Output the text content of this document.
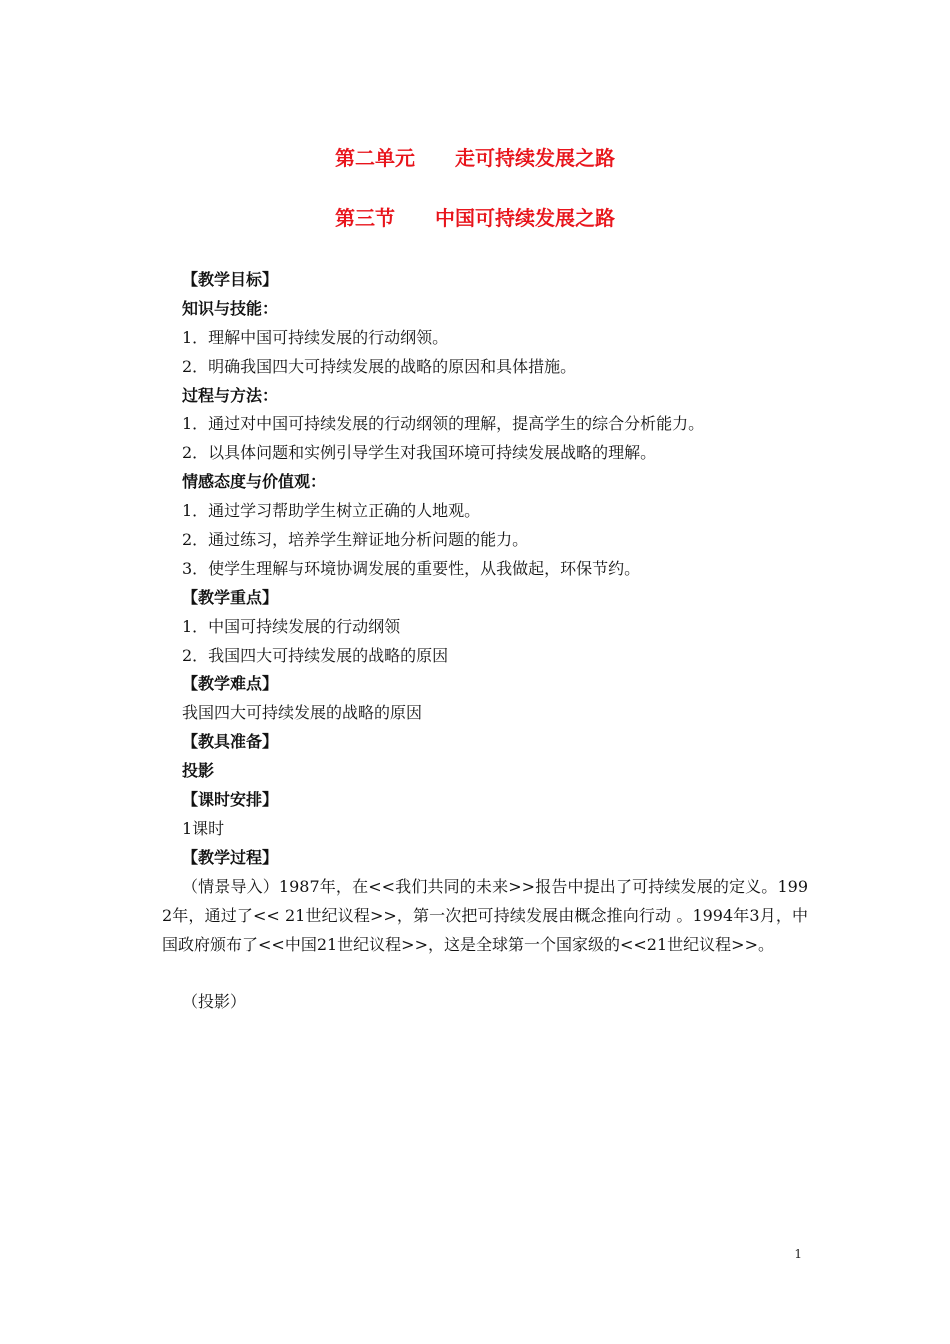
第二单元　　走可持续发展之路
第三节　　中国可持续发展之路

【教学目标】

知识与技能：

1．理解中国可持续发展的行动纲领。

2．明确我国四大可持续发展的战略的原因和具体措施。

过程与方法：

1．通过对中国可持续发展的行动纲领的理解，提高学生的综合分析能力。

2．以具体问题和实例引导学生对我国环境可持续发展战略的理解。

情感态度与价值观：

1．通过学习帮助学生树立正确的人地观。

2．通过练习，培养学生辩证地分析问题的能力。

3．使学生理解与环境协调发展的重要性，从我做起，环保节约。

【教学重点】

1．中国可持续发展的行动纲领

2．我国四大可持续发展的战略的原因

【教学难点】

我国四大可持续发展的战略的原因

【教具准备】

投影

【课时安排】

1课时

【教学过程】

（情景导入）1987年，在<<我们共同的未来>>报告中提出了可持续发展的定义。1992年，通过了<< 21世纪议程>>，第一次把可持续发展由概念推向行动 。1994年3月，中国政府颁布了<<中国21世纪议程>>，这是全球第一个国家级的<<21世纪议程>>。

（投影）

1
